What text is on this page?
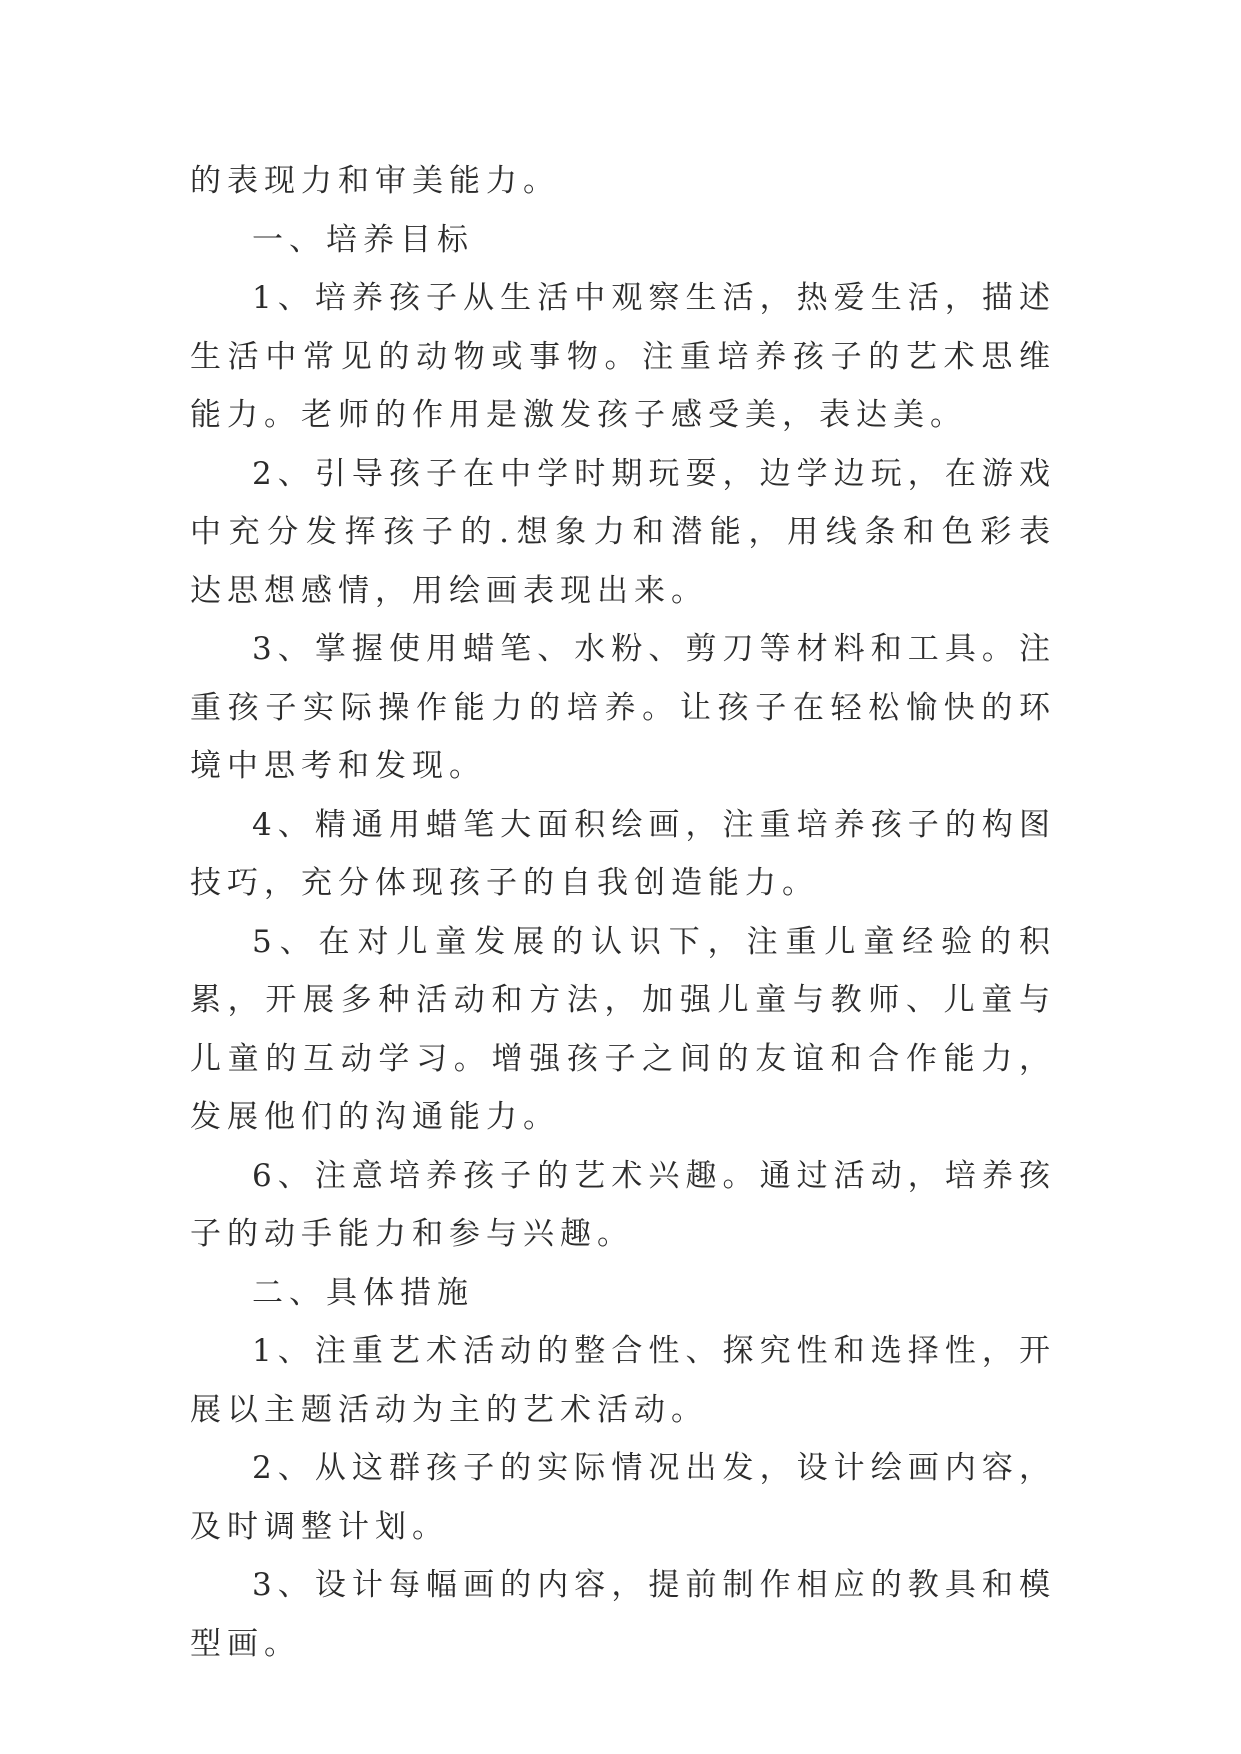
的表现力和审美能力。

一、培养目标

1、培养孩子从生活中观察生活，热爱生活，描述生活中常见的动物或事物。注重培养孩子的艺术思维能力。老师的作用是激发孩子感受美，表达美。

2、引导孩子在中学时期玩耍，边学边玩，在游戏中充分发挥孩子的.想象力和潜能，用线条和色彩表达思想感情，用绘画表现出来。

3、掌握使用蜡笔、水粉、剪刀等材料和工具。注重孩子实际操作能力的培养。让孩子在轻松愉快的环境中思考和发现。

4、精通用蜡笔大面积绘画，注重培养孩子的构图技巧，充分体现孩子的自我创造能力。

5、在对儿童发展的认识下，注重儿童经验的积累，开展多种活动和方法，加强儿童与教师、儿童与儿童的互动学习。增强孩子之间的友谊和合作能力，发展他们的沟通能力。

6、注意培养孩子的艺术兴趣。通过活动，培养孩子的动手能力和参与兴趣。

二、具体措施

1、注重艺术活动的整合性、探究性和选择性，开展以主题活动为主的艺术活动。

2、从这群孩子的实际情况出发，设计绘画内容，及时调整计划。

3、设计每幅画的内容，提前制作相应的教具和模型画。
